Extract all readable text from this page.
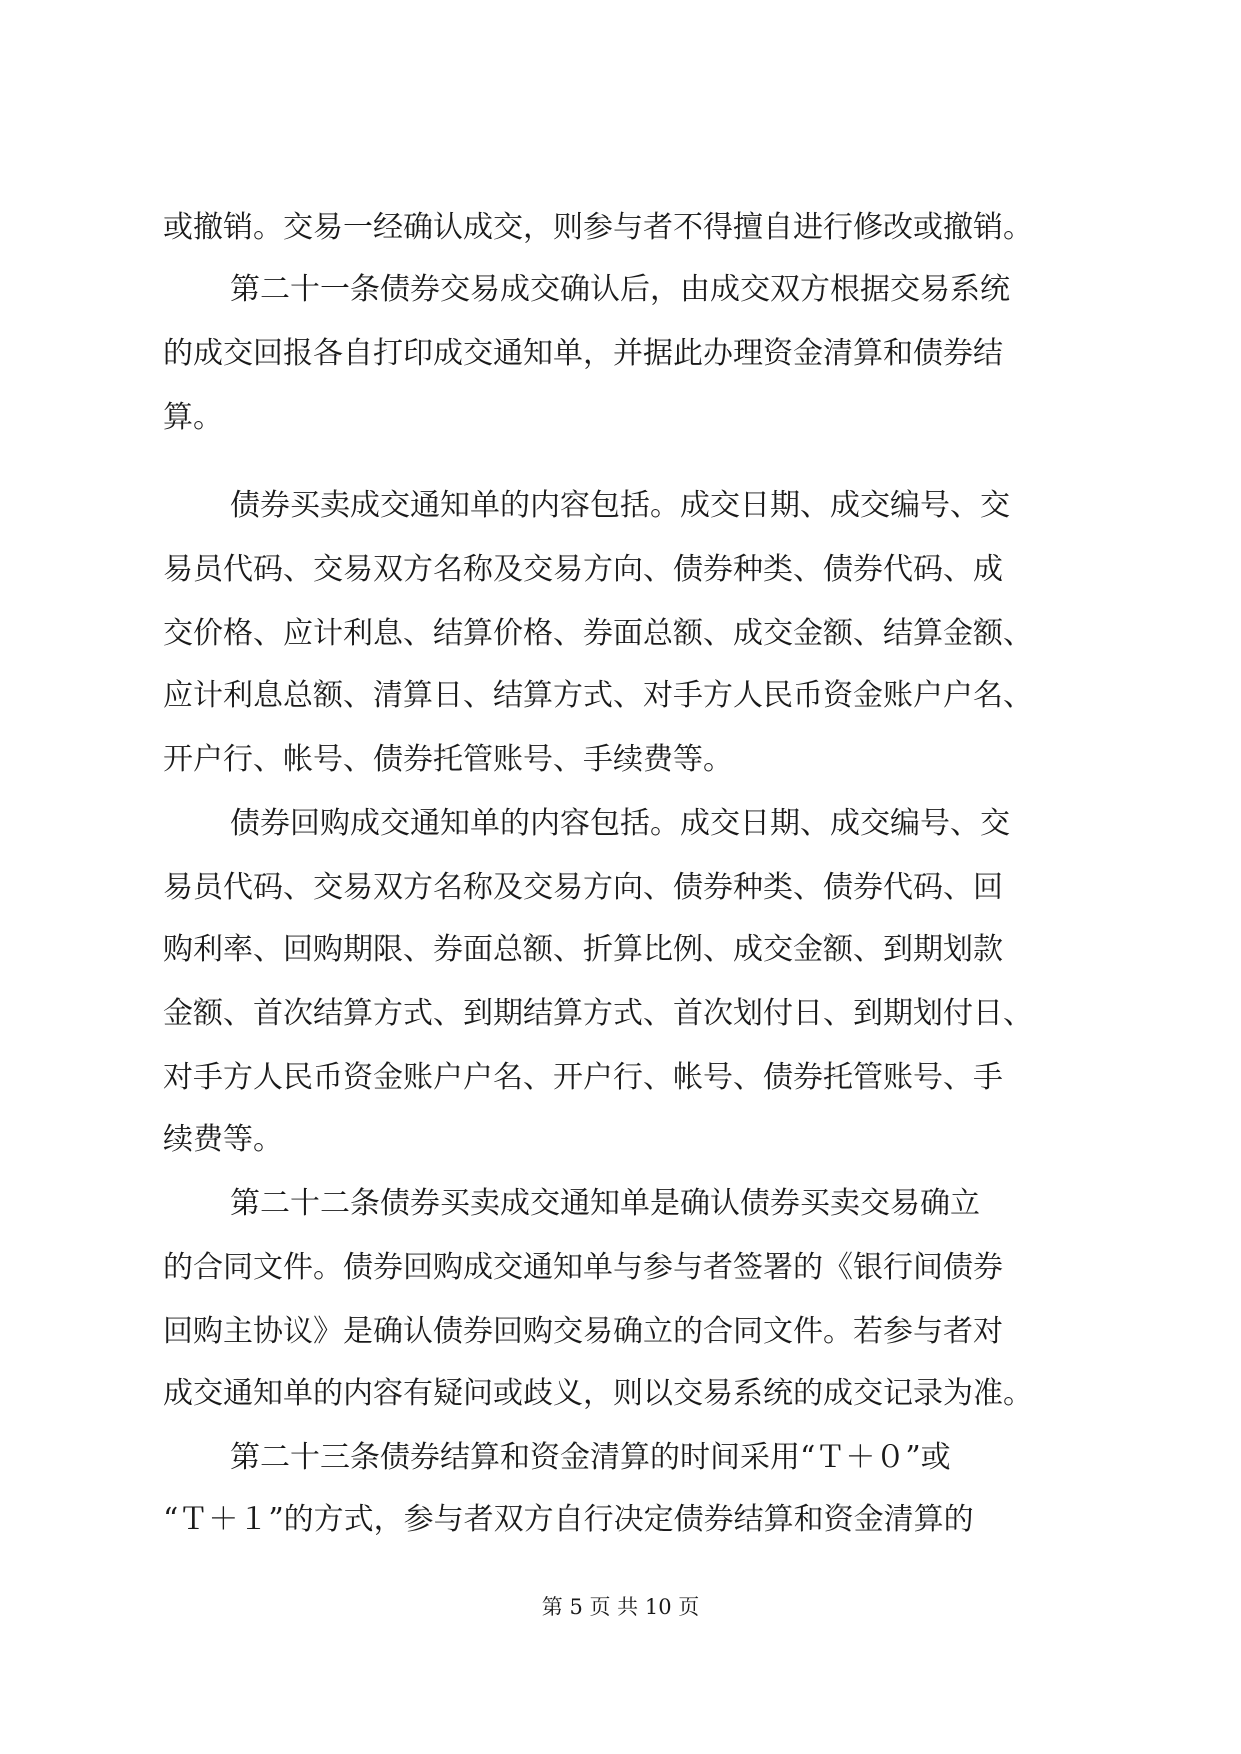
或撤销。交易一经确认成交，则参与者不得擅自进行修改或撤销。
第二十一条债券交易成交确认后，由成交双方根据交易系统
的成交回报各自打印成交通知单，并据此办理资金清算和债券结
算。
债券买卖成交通知单的内容包括。成交日期、成交编号、交
易员代码、交易双方名称及交易方向、债券种类、债券代码、成
交价格、应计利息、结算价格、券面总额、成交金额、结算金额、
应计利息总额、清算日、结算方式、对手方人民币资金账户户名、
开户行、帐号、债券托管账号、手续费等。
债券回购成交通知单的内容包括。成交日期、成交编号、交
易员代码、交易双方名称及交易方向、债券种类、债券代码、回
购利率、回购期限、券面总额、折算比例、成交金额、到期划款
金额、首次结算方式、到期结算方式、首次划付日、到期划付日、
对手方人民币资金账户户名、开户行、帐号、债券托管账号、手
续费等。
第二十二条债券买卖成交通知单是确认债券买卖交易确立
的合同文件。债券回购成交通知单与参与者签署的《银行间债券
回购主协议》是确认债券回购交易确立的合同文件。若参与者对
成交通知单的内容有疑问或歧义，则以交易系统的成交记录为准。
第二十三条债券结算和资金清算的时间采用“Ｔ＋０”或
“Ｔ＋１”的方式，参与者双方自行决定债券结算和资金清算的
第 5 页 共 10 页
